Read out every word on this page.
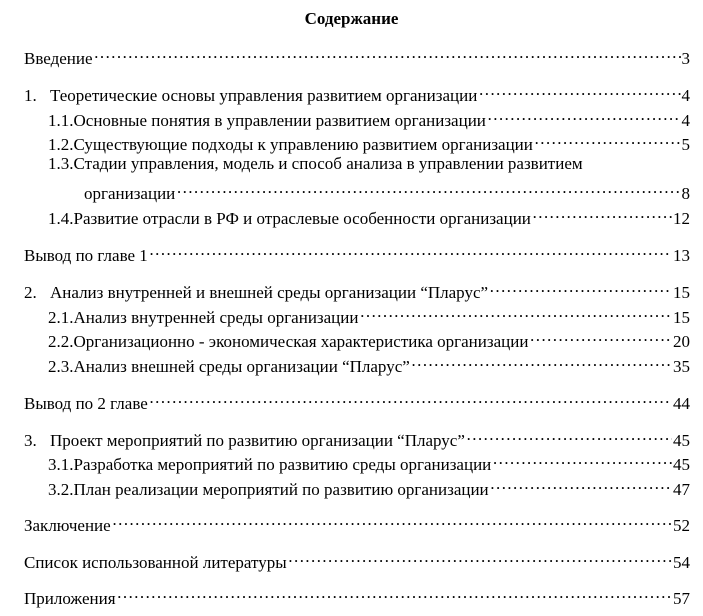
Содержание
Введение ……………………………………………………………………………………………………………………………………………………………	3
1. Теоретические основы управления развитием организации ……………………………………………………………………………………………………………………………………………………………	4
1.1. Основные понятия в управлении развитием организации ……………………………………………………………………………………………………………………………………………………………	4
1.2. Существующие подходы к управлению развитием организации ……………………………………………………………………………………………………………………………………………………………	5
1.3.Стадии управления, модель и способ анализа в управлении развитием
организации ……………………………………………………………………………………………………………………………………………………………	8
1.4. Развитие отрасли в РФ и отраслевые особенности организации ……………………………………………………………………………………………………………………………………………………………	12
Вывод по главе 1 ……………………………………………………………………………………………………………………………………………………………	13
2. Анализ внутренней и внешней среды организации “Пларус” ……………………………………………………………………………………………………………………………………………………………	15
2.1. Анализ внутренней среды организации ……………………………………………………………………………………………………………………………………………………………	15
2.2. Организационно - экономическая характеристика организации ……………………………………………………………………………………………………………………………………………………………	20
2.3. Анализ внешней среды организации “Пларус” ……………………………………………………………………………………………………………………………………………………………	35
Вывод по 2 главе ……………………………………………………………………………………………………………………………………………………………	44
3. Проект мероприятий по развитию организации “Пларус” ……………………………………………………………………………………………………………………………………………………………	45
3.1. Разработка мероприятий по развитию среды организации ……………………………………………………………………………………………………………………………………………………………	45
3.2. План реализации мероприятий по развитию организации ……………………………………………………………………………………………………………………………………………………………	47
Заключение ……………………………………………………………………………………………………………………………………………………………	52
Список использованной литературы ……………………………………………………………………………………………………………………………………………………………	54
Приложения ……………………………………………………………………………………………………………………………………………………………	57
